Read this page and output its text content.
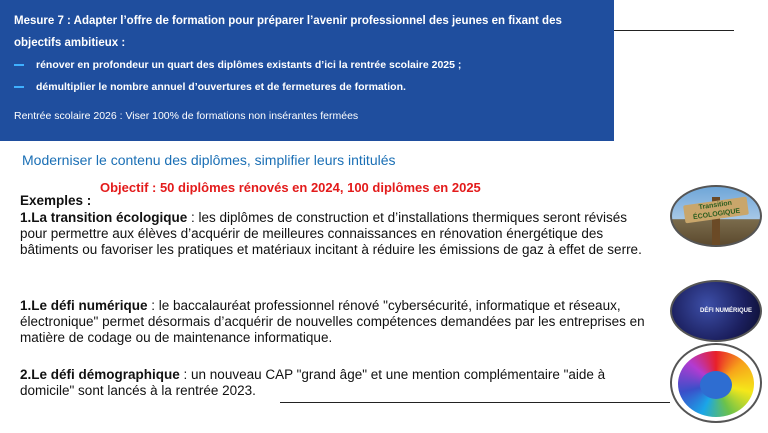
Mesure 7 : Adapter l’offre de formation pour préparer l’avenir professionnel des jeunes en fixant des objectifs ambitieux :
rénover en profondeur un quart des diplômes existants d’ici la rentrée scolaire 2025 ;
démultiplier le nombre annuel d’ouvertures et de fermetures de formation.
Rentrée scolaire 2026 : Viser 100% de formations non insérantes fermées
Moderniser le contenu des diplômes, simplifier leurs intitulés
Objectif : 50 diplômes rénovés en 2024, 100 diplômes en 2025
Exemples :
1.La transition écologique : les diplômes de construction et d’installations thermiques seront révisés pour permettre aux élèves d’acquérir de meilleures connaissances en rénovation énergétique des bâtiments ou favoriser les pratiques et matériaux incitant à réduire les émissions de gaz à effet de serre.
1.Le défi numérique : le baccalauréat professionnel rénové "cybersécurité, informatique et réseaux, électronique" permet désormais d’acquérir de nouvelles compétences demandées par les entreprises en matière de codage ou de maintenance informatique.
2.Le défi démographique : un nouveau CAP "grand âge" et une mention complémentaire "aide à domicile" sont lancés à la rentrée 2023.
Transition ÉCOLOGIQUE
DÉFI NUMÉRIQUE
